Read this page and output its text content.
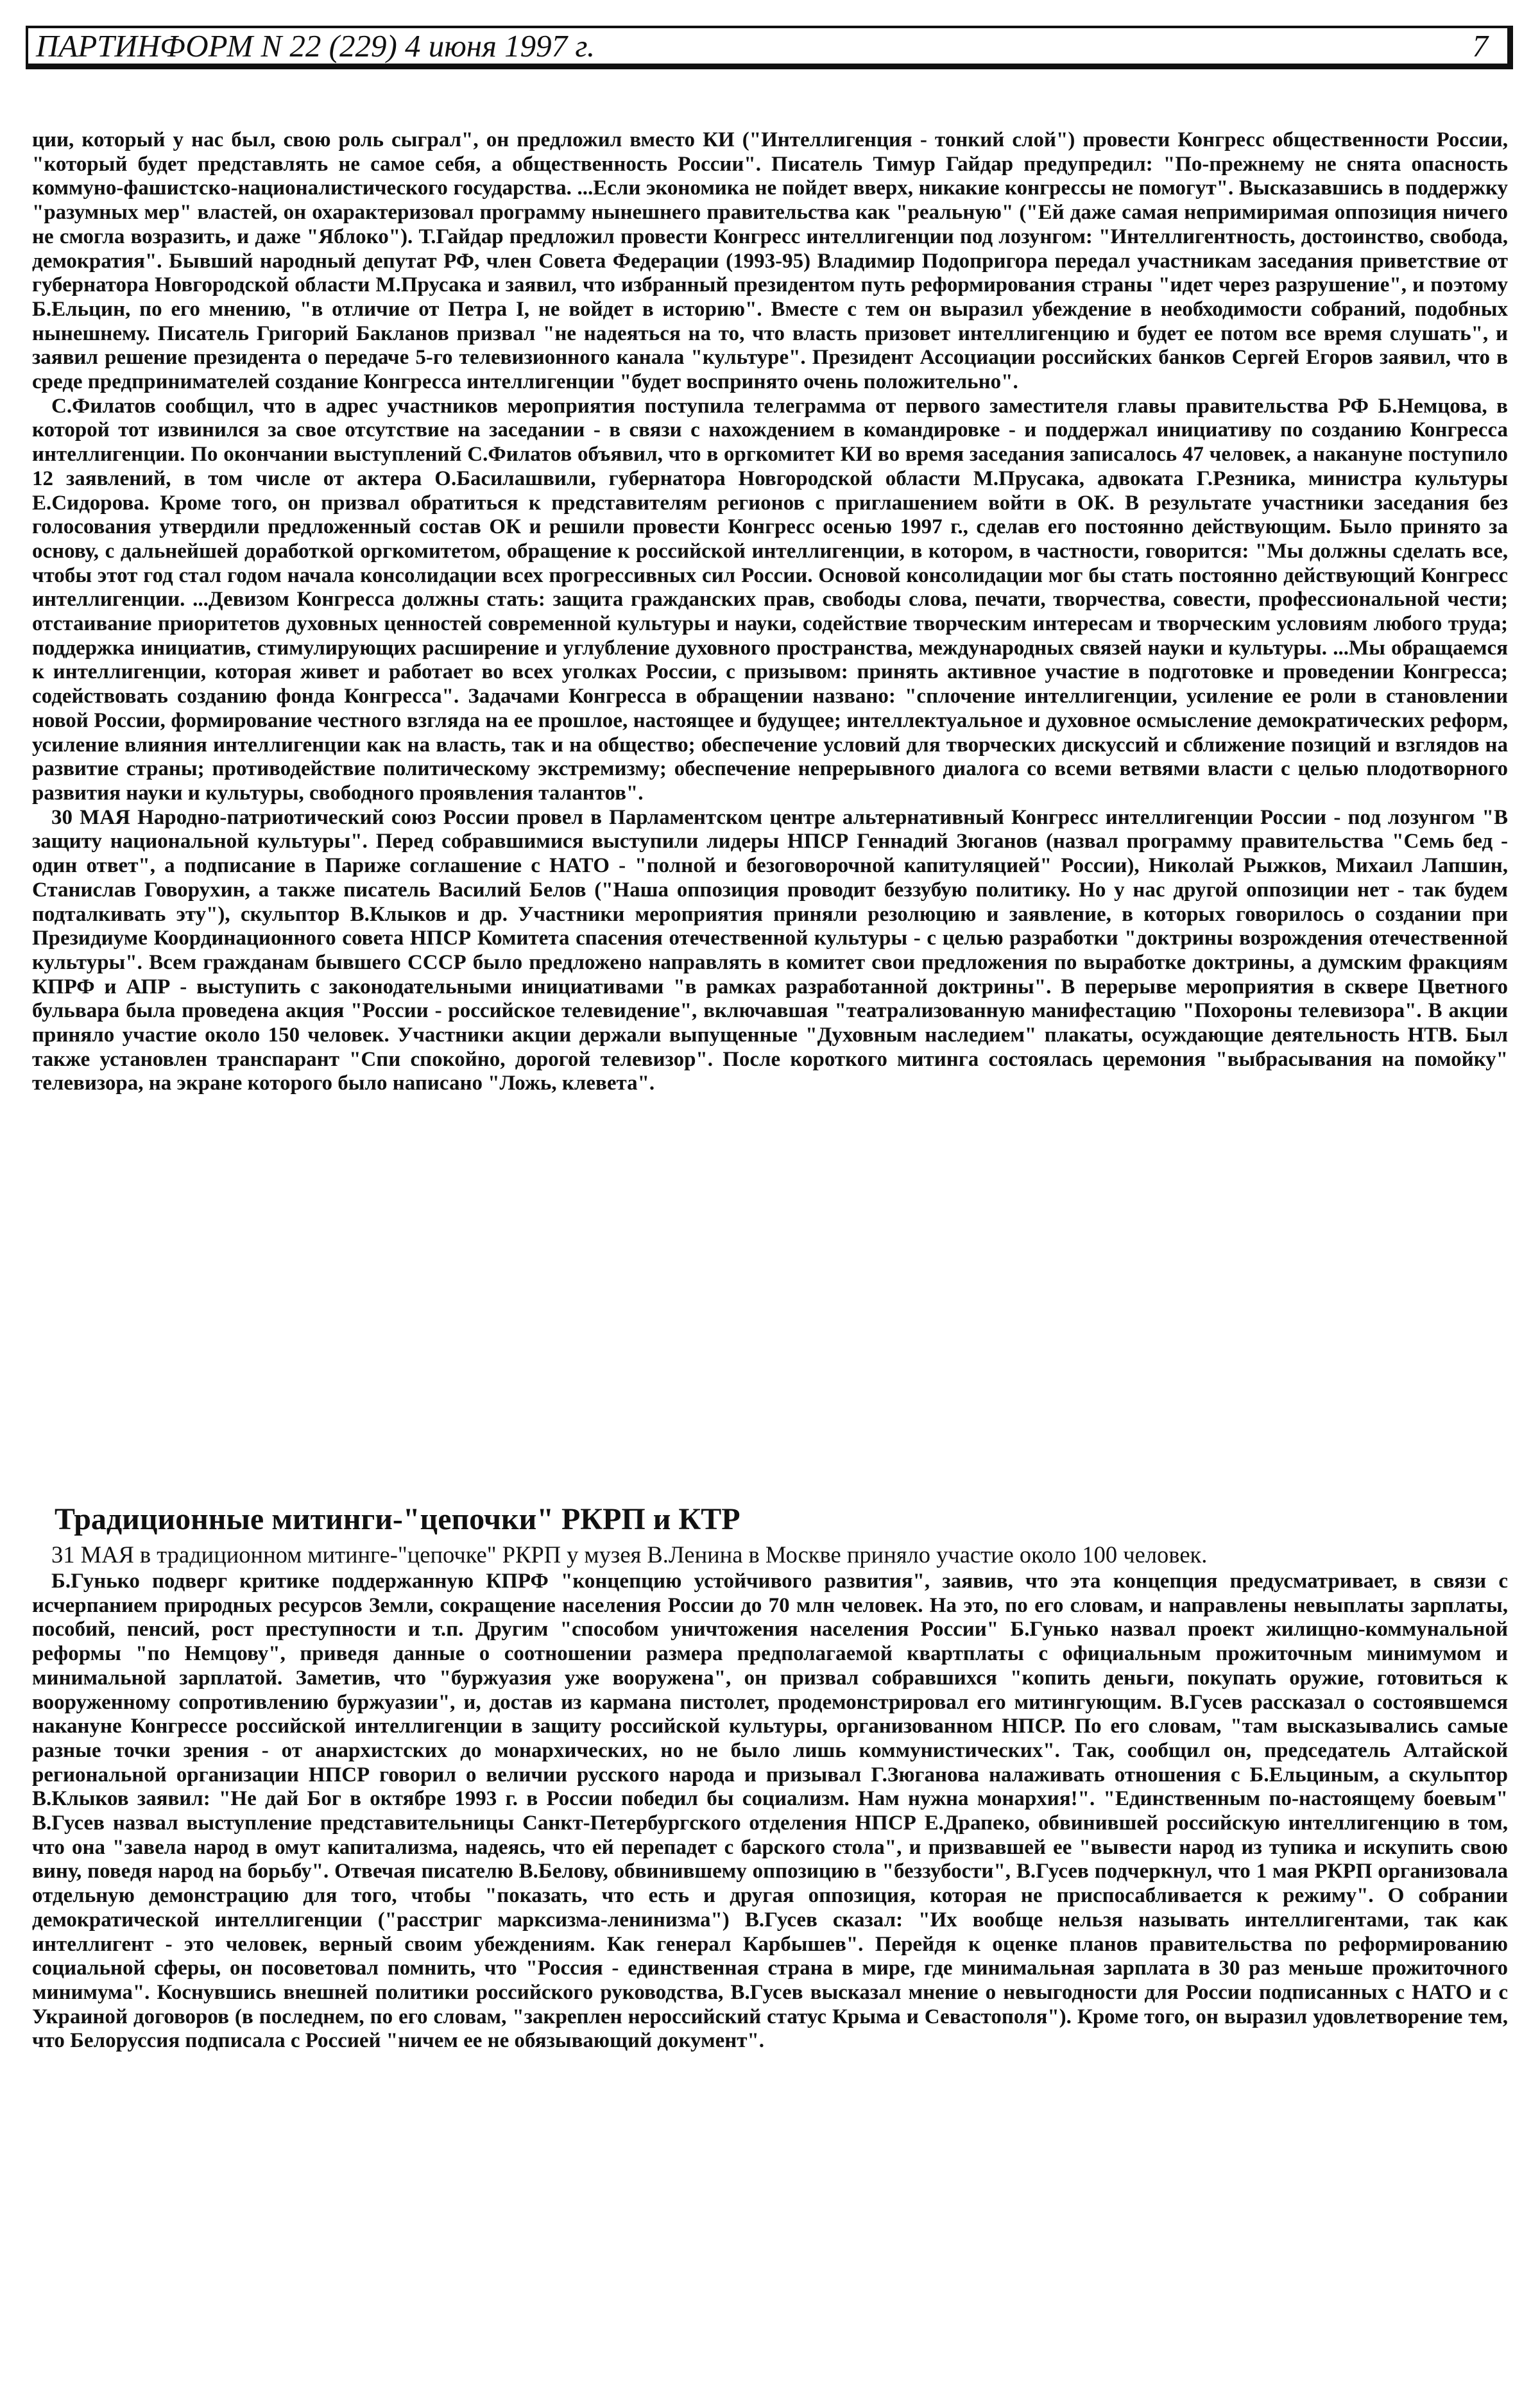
ПАРТИНФОРМ N 22 (229) 4 июня 1997 г.	7

ции, который у нас был, свою роль сыграл", он предложил вместо КИ ("Интеллигенция - тонкий слой") провести Конгресс общественности России, "который будет представлять не самое себя, а общественность России". Писатель Тимур Гайдар предупредил: "По-прежнему не снята опасность коммуно-фашистско-националистического государства. ...Если экономика не пойдет вверх, никакие конгрессы не помогут". Высказавшись в поддержку "разумных мер" властей, он охарактеризовал программу нынешнего правительства как "реальную" ("Ей даже самая непримиримая оппозиция ничего не смогла возразить, и даже "Яблоко"). Т.Гайдар предложил провести Конгресс интеллигенции под лозунгом: "Интеллигентность, достоинство, свобода, демократия". Бывший народный депутат РФ, член Совета Федерации (1993-95) Владимир Подопригора передал участникам заседания приветствие от губернатора Новгородской области М.Прусака и заявил, что избранный президентом путь реформирования страны "идет через разрушение", и поэтому Б.Ельцин, по его мнению, "в отличие от Петра I, не войдет в историю". Вместе с тем он выразил убеждение в необходимости собраний, подобных нынешнему. Писатель Григорий Бакланов призвал "не надеяться на то, что власть призовет интеллигенцию и будет ее потом все время слушать", и заявил решение президента о передаче 5-го телевизионного канала "культуре". Президент Ассоциации российских банков Сергей Егоров заявил, что в среде предпринимателей создание Конгресса интеллигенции "будет воспринято очень положительно".

С.Филатов сообщил, что в адрес участников мероприятия поступила телеграмма от первого заместителя главы правительства РФ Б.Немцова, в которой тот извинился за свое отсутствие на заседании - в связи с нахождением в командировке - и поддержал инициативу по созданию Конгресса интеллигенции. По окончании выступлений С.Филатов объявил, что в оргкомитет КИ во время заседания записалось 47 человек, а накануне поступило 12 заявлений, в том числе от актера О.Басилашвили, губернатора Новгородской области М.Прусака, адвоката Г.Резника, министра культуры Е.Сидорова. Кроме того, он призвал обратиться к представителям регионов с приглашением войти в ОК. В результате участники заседания без голосования утвердили предложенный состав ОК и решили провести Конгресс осенью 1997 г., сделав его постоянно действующим. Было принято за основу, с дальнейшей доработкой оргкомитетом, обращение к российской интеллигенции, в котором, в частности, говорится: "Мы должны сделать все, чтобы этот год стал годом начала консолидации всех прогрессивных сил России. Основой консолидации мог бы стать постоянно действующий Конгресс интеллигенции. ...Девизом Конгресса должны стать: защита гражданских прав, свободы слова, печати, творчества, совести, профессиональной чести; отстаивание приоритетов духовных ценностей современной культуры и науки, содействие творческим интересам и творческим условиям любого труда; поддержка инициатив, стимулирующих расширение и углубление духовного пространства, международных связей науки и культуры. ...Мы обращаемся к интеллигенции, которая живет и работает во всех уголках России, с призывом: принять активное участие в подготовке и проведении Конгресса; содействовать созданию фонда Конгресса". Задачами Конгресса в обращении названо: "сплочение интеллигенции, усиление ее роли в становлении новой России, формирование честного взгляда на ее прошлое, настоящее и будущее; интеллектуальное и духовное осмысление демократических реформ, усиление влияния интеллигенции как на власть, так и на общество; обеспечение условий для творческих дискуссий и сближение позиций и взглядов на развитие страны; противодействие политическому экстремизму; обеспечение непрерывного диалога со всеми ветвями власти с целью плодотворного развития науки и культуры, свободного проявления талантов".

30 МАЯ Народно-патриотический союз России провел в Парламентском центре альтернативный Конгресс интеллигенции России - под лозунгом "В защиту национальной культуры". Перед собравшимися выступили лидеры НПСР Геннадий Зюганов (назвал программу правительства "Семь бед - один ответ", а подписание в Париже соглашение с НАТО - "полной и безоговорочной капитуляцией" России), Николай Рыжков, Михаил Лапшин, Станислав Говорухин, а также писатель Василий Белов ("Наша оппозиция проводит беззубую политику. Но у нас другой оппозиции нет - так будем подталкивать эту"), скульптор В.Клыков и др. Участники мероприятия приняли резолюцию и заявление, в которых говорилось о создании при Президиуме Координационного совета НПСР Комитета спасения отечественной культуры - с целью разработки "доктрины возрождения отечественной культуры". Всем гражданам бывшего СССР было предложено направлять в комитет свои предложения по выработке доктрины, а думским фракциям КПРФ и АПР - выступить с законодательными инициативами "в рамках разработанной доктрины". В перерыве мероприятия в сквере Цветного бульвара была проведена акция "России - российское телевидение", включавшая "театрализованную манифестацию "Похороны телевизора". В акции приняло участие около 150 человек. Участники акции держали выпущенные "Духовным наследием" плакаты, осуждающие деятельность НТВ. Был также установлен транспарант "Спи спокойно, дорогой телевизор". После короткого митинга состоялась церемония "выбрасывания на помойку" телевизора, на экране которого было написано "Ложь, клевета".

Традиционные митинги-"цепочки" РКРП и КТР

31 МАЯ в традиционном митинге-"цепочке" РКРП у музея В.Ленина в Москве приняло участие около 100 человек.

Б.Гунько подверг критике поддержанную КПРФ "концепцию устойчивого развития", заявив, что эта концепция предусматривает, в связи с исчерпанием природных ресурсов Земли, сокращение населения России до 70 млн человек. На это, по его словам, и направлены невыплаты зарплаты, пособий, пенсий, рост преступности и т.п. Другим "способом уничтожения населения России" Б.Гунько назвал проект жилищно-коммунальной реформы "по Немцову", приведя данные о соотношении размера предполагаемой квартплаты с официальным прожиточным минимумом и минимальной зарплатой. Заметив, что "буржуазия уже вооружена", он призвал собравшихся "копить деньги, покупать оружие, готовиться к вооруженному сопротивлению буржуазии", и, достав из кармана пистолет, продемонстрировал его митингующим. В.Гусев рассказал о состоявшемся накануне Конгрессе российской интеллигенции в защиту российской культуры, организованном НПСР. По его словам, "там высказывались самые разные точки зрения - от анархистских до монархических, но не было лишь коммунистических". Так, сообщил он, председатель Алтайской региональной организации НПСР говорил о величии русского народа и призывал Г.Зюганова налаживать отношения с Б.Ельциным, а скульптор В.Клыков заявил: "Не дай Бог в октябре 1993 г. в России победил бы социализм. Нам нужна монархия!". "Единственным по-настоящему боевым" В.Гусев назвал выступление представительницы Санкт-Петербургского отделения НПСР Е.Драпеко, обвинившей российскую интеллигенцию в том, что она "завела народ в омут капитализма, надеясь, что ей перепадет с барского стола", и призвавшей ее "вывести народ из тупика и искупить свою вину, поведя народ на борьбу". Отвечая писателю В.Белову, обвинившему оппозицию в "беззубости", В.Гусев подчеркнул, что 1 мая РКРП организовала отдельную демонстрацию для того, чтобы "показать, что есть и другая оппозиция, которая не приспосабливается к режиму". О собрании демократической интеллигенции ("расстриг марксизма-ленинизма") В.Гусев сказал: "Их вообще нельзя называть интеллигентами, так как интеллигент - это человек, верный своим убеждениям. Как генерал Карбышев". Перейдя к оценке планов правительства по реформированию социальной сферы, он посоветовал помнить, что "Россия - единственная страна в мире, где минимальная зарплата в 30 раз меньше прожиточного минимума". Коснувшись внешней политики российского руководства, В.Гусев высказал мнение о невыгодности для России подписанных с НАТО и с Украиной договоров (в последнем, по его словам, "закреплен нероссийский статус Крыма и Севастополя"). Кроме того, он выразил удовлетворение тем, что Белоруссия подписала с Россией "ничем ее не обязывающий документ".
